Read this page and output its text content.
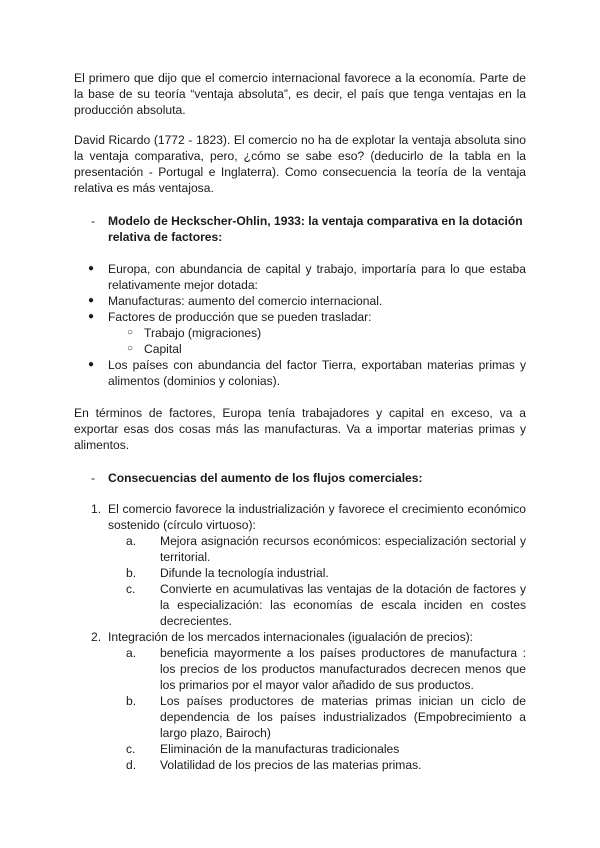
El primero que dijo que el comercio internacional favorece a la economía. Parte de la base de su teoría “ventaja absoluta”, es decir, el país que tenga ventajas en la producción absoluta.

David Ricardo (1772 - 1823). El comercio no ha de explotar la ventaja absoluta sino la ventaja comparativa, pero, ¿cómo se sabe eso? (deducirlo de la tabla en la presentación - Portugal e Inglaterra). Como consecuencia la teoría de la ventaja relativa es más ventajosa.

- Modelo de Heckscher-Ohlin, 1933: la ventaja comparativa en la dotación relativa de factores:
● Europa, con abundancia de capital y trabajo, importaría para lo que estaba relativamente mejor dotada:
● Manufacturas: aumento del comercio internacional.
● Factores de producción que se pueden trasladar:
○ Trabajo (migraciones)
○ Capital
● Los países con abundancia del factor Tierra, exportaban materias primas y alimentos (dominios y colonias).

En términos de factores, Europa tenía trabajadores y capital en exceso, va a exportar esas dos cosas más las manufacturas. Va a importar materias primas y alimentos.

- Consecuencias del aumento de los flujos comerciales:
1. El comercio favorece la industrialización y favorece el crecimiento económico sostenido (círculo virtuoso):
a. Mejora asignación recursos económicos: especialización sectorial y territorial.
b. Difunde la tecnología industrial.
c. Convierte en acumulativas las ventajas de la dotación de factores y la especialización: las economías de escala inciden en costes decrecientes.
2. Integración de los mercados internacionales (igualación de precios):
a. beneficia mayormente a los países productores de manufactura : los precios de los productos manufacturados decrecen menos que los primarios por el mayor valor añadido de sus productos.
b. Los países productores de materias primas inician un ciclo de dependencia de los países industrializados (Empobrecimiento a largo plazo, Bairoch)
c. Eliminación de la manufacturas tradicionales
d. Volatilidad de los precios de las materias primas.
